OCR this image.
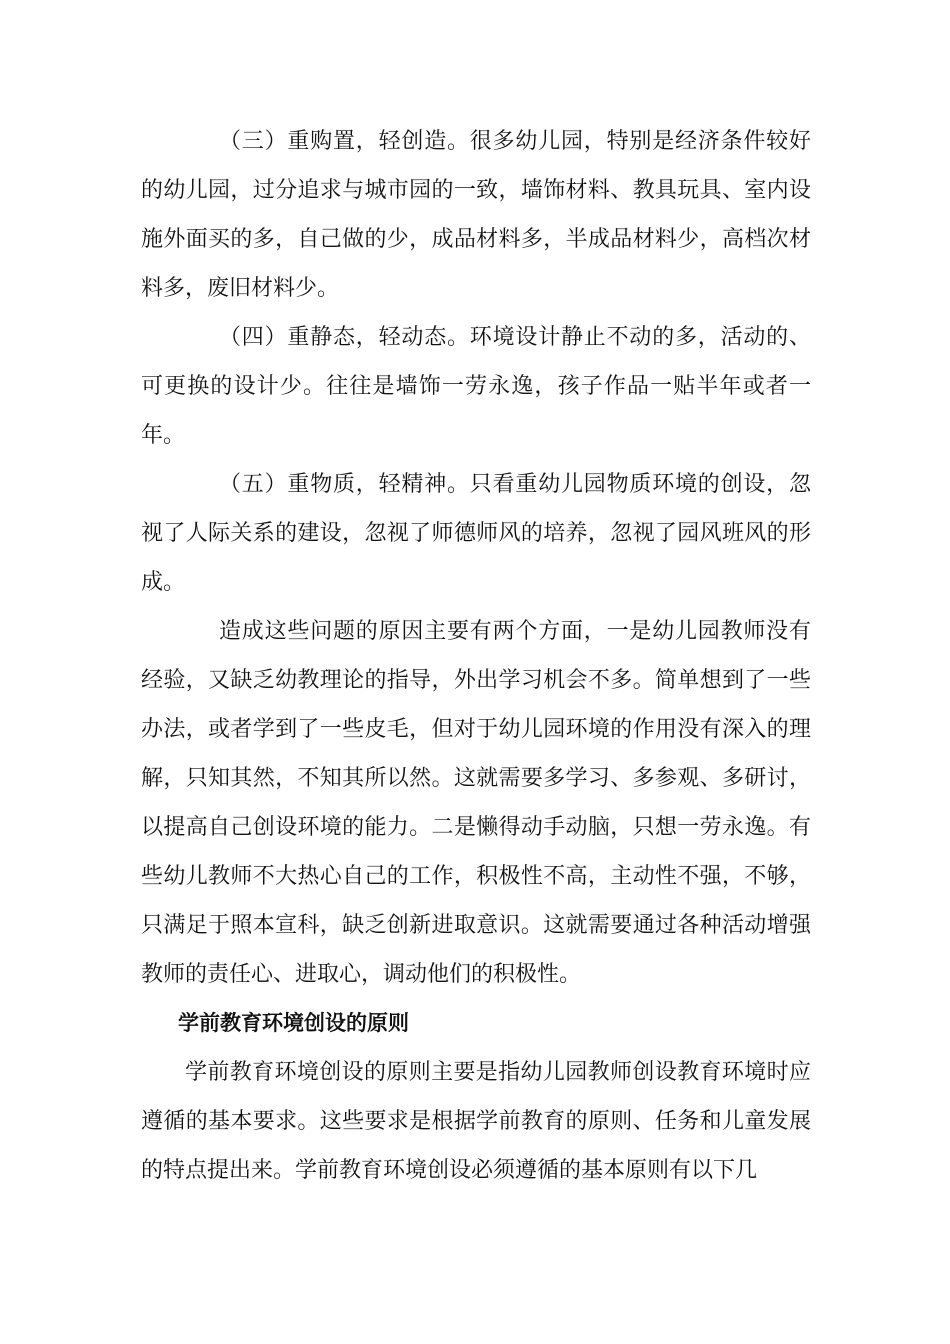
（三）重购置，轻创造。很多幼儿园，特别是经济条件较好的幼儿园，过分追求与城市园的一致，墙饰材料、教具玩具、室内设施外面买的多，自己做的少，成品材料多，半成品材料少，高档次材料多，废旧材料少。

（四）重静态，轻动态。环境设计静止不动的多，活动的、可更换的设计少。往往是墙饰一劳永逸，孩子作品一贴半年或者一年。

（五）重物质，轻精神。只看重幼儿园物质环境的创设，忽视了人际关系的建设，忽视了师德师风的培养，忽视了园风班风的形成。

造成这些问题的原因主要有两个方面，一是幼儿园教师没有经验，又缺乏幼教理论的指导，外出学习机会不多。简单想到了一些办法，或者学到了一些皮毛，但对于幼儿园环境的作用没有深入的理解，只知其然，不知其所以然。这就需要多学习、多参观、多研讨，以提高自己创设环境的能力。二是懒得动手动脑，只想一劳永逸。有些幼儿教师不大热心自己的工作，积极性不高，主动性不强，不够，只满足于照本宣科，缺乏创新进取意识。这就需要通过各种活动增强教师的责任心、进取心，调动他们的积极性。

学前教育环境创设的原则

学前教育环境创设的原则主要是指幼儿园教师创设教育环境时应遵循的基本要求。这些要求是根据学前教育的原则、任务和儿童发展的特点提出来。学前教育环境创设必须遵循的基本原则有以下几
